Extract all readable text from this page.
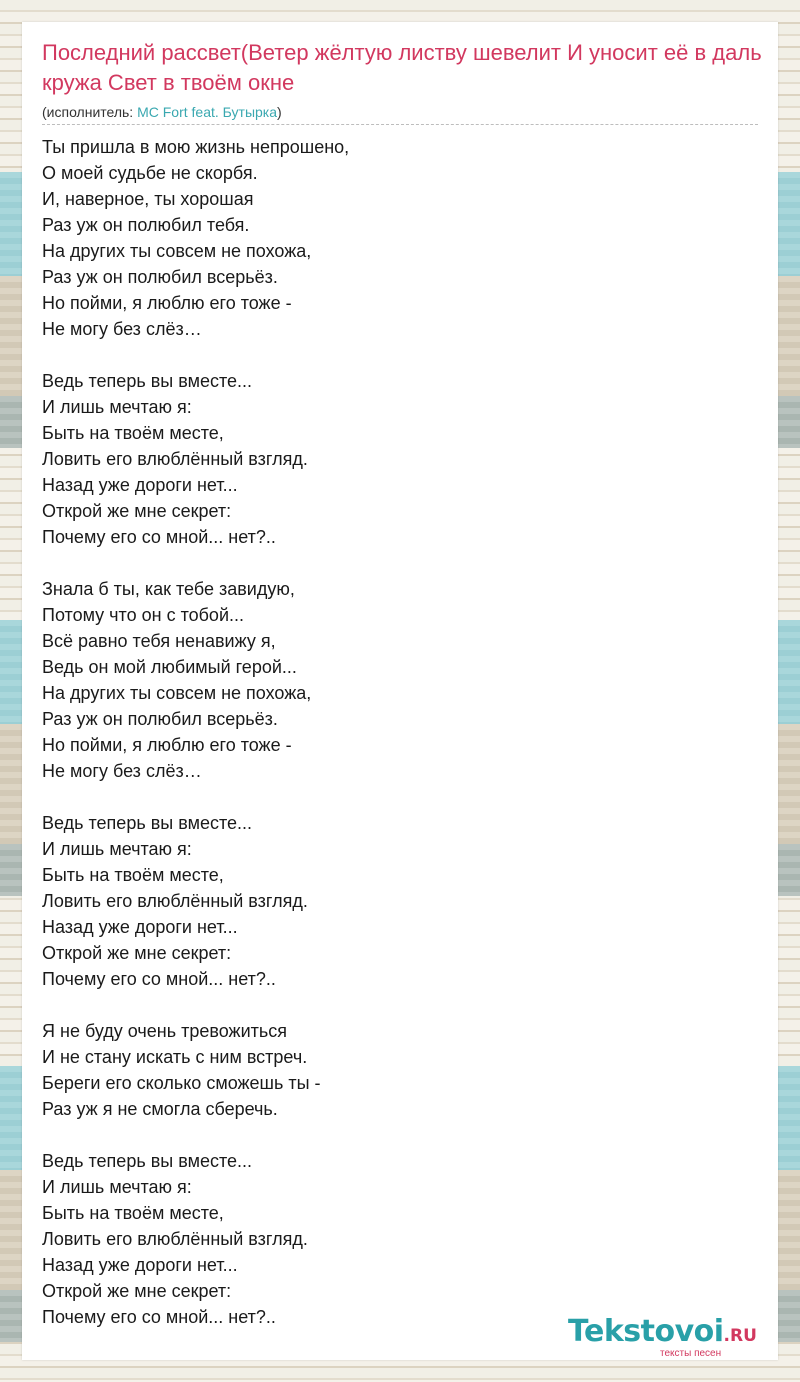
Последний рассвет(Ветер жёлтую листву шевелит И уносит её в даль кружа Свет в твоём окне
(исполнитель: MC Fort feat. Бутырка)
Ты пришла в мою жизнь непрошено,
О моей судьбе не скорбя.
И, наверное, ты хорошая
Раз уж он полюбил тебя.
На других ты совсем не похожа,
Раз уж он полюбил всерьёз.
Но пойми, я люблю его тоже -
Не могу без слёз…
Ведь теперь вы вместе...
И лишь мечтаю я:
Быть на твоём месте,
Ловить его влюблённый взгляд.
Назад уже дороги нет...
Открой же мне секрет:
Почему его со мной... нет?..
Знала б ты, как тебе завидую,
Потому что он с тобой...
Всё равно тебя ненавижу я,
Ведь он мой любимый герой...
На других ты совсем не похожа,
Раз уж он полюбил всерьёз.
Но пойми, я люблю его тоже -
Не могу без слёз…
Ведь теперь вы вместе...
И лишь мечтаю я:
Быть на твоём месте,
Ловить его влюблённый взгляд.
Назад уже дороги нет...
Открой же мне секрет:
Почему его со мной... нет?..
Я не буду очень тревожиться
И не стану искать с ним встреч.
Береги его сколько сможешь ты -
Раз уж я не смогла сберечь.
Ведь теперь вы вместе...
И лишь мечтаю я:
Быть на твоём месте,
Ловить его влюблённый взгляд.
Назад уже дороги нет...
Открой же мне секрет:
Почему его со мной... нет?..	Tekstovoi.RU
тексты песен
